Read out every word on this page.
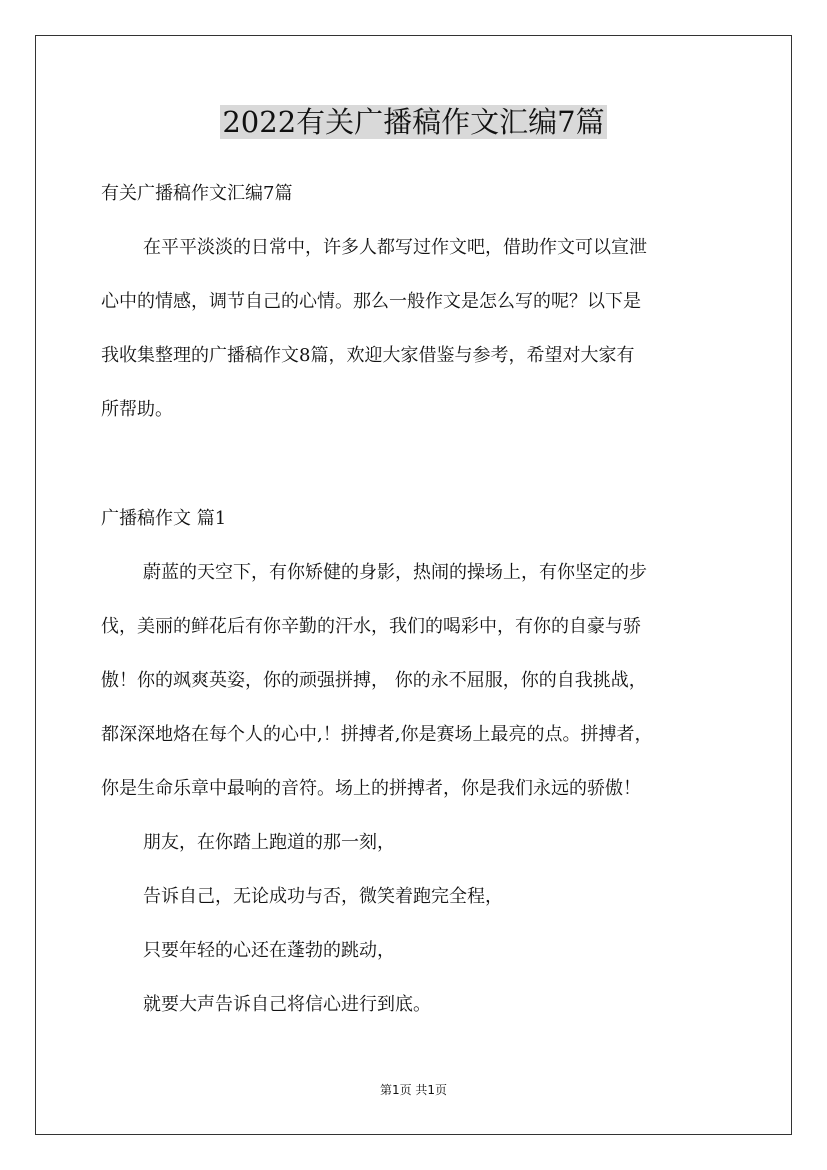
2022有关广播稿作文汇编7篇

有关广播稿作文汇编7篇

在平平淡淡的日常中，许多人都写过作文吧，借助作文可以宣泄

心中的情感，调节自己的心情。那么一般作文是怎么写的呢？以下是

我收集整理的广播稿作文8篇，欢迎大家借鉴与参考，希望对大家有

所帮助。

广播稿作文 篇1

蔚蓝的天空下，有你矫健的身影，热闹的操场上，有你坚定的步

伐，美丽的鲜花后有你辛勤的汗水，我们的喝彩中，有你的自豪与骄

傲！你的飒爽英姿，你的顽强拼搏， 你的永不屈服，你的自我挑战，

都深深地烙在每个人的心中,！拼搏者,你是赛场上最亮的点。拼搏者，

你是生命乐章中最响的音符。场上的拼搏者，你是我们永远的骄傲！

朋友，在你踏上跑道的那一刻，

告诉自己，无论成功与否，微笑着跑完全程，

只要年轻的心还在蓬勃的跳动，

就要大声告诉自己将信心进行到底。

第1页 共1页
